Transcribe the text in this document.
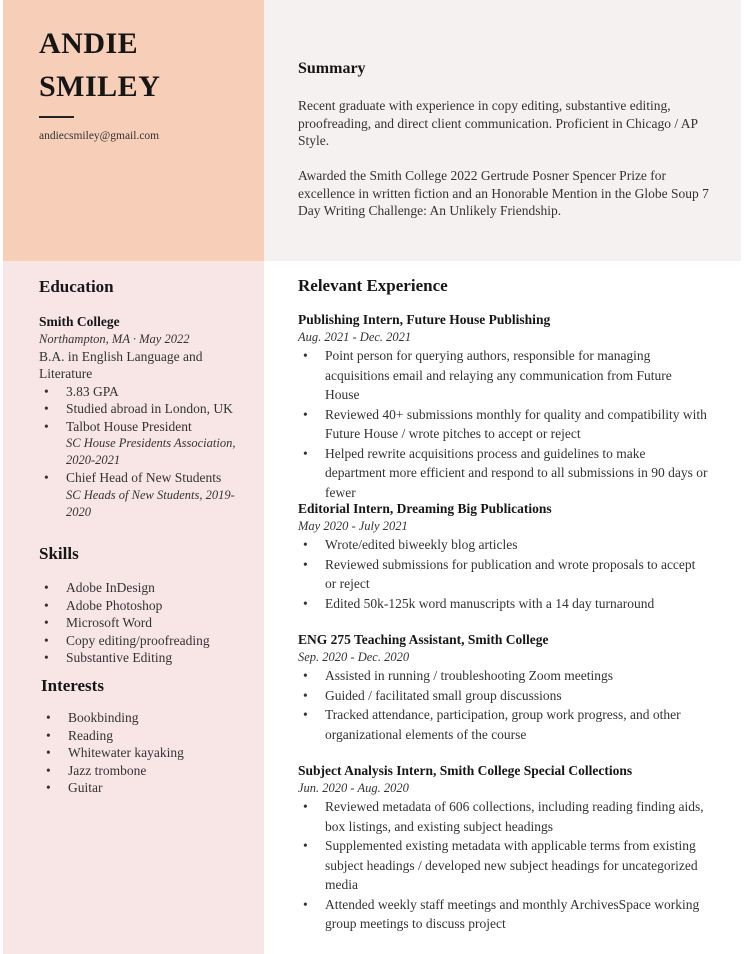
ANDIE
SMILEY
andiecsmiley@gmail.com
Summary
Recent graduate with experience in copy editing, substantive editing, proofreading, and direct client communication. Proficient in Chicago / AP Style.
Awarded the Smith College 2022 Gertrude Posner Spencer Prize for excellence in written fiction and an Honorable Mention in the Globe Soup 7 Day Writing Challenge: An Unlikely Friendship.
Education
Smith College
Northampton, MA · May 2022
B.A. in English Language and Literature
• 3.83 GPA
• Studied abroad in London, UK
• Talbot House President
SC House Presidents Association, 2020-2021
• Chief Head of New Students
SC Heads of New Students, 2019-2020
Skills
• Adobe InDesign
• Adobe Photoshop
• Microsoft Word
• Copy editing/proofreading
• Substantive Editing
Interests
• Bookbinding
• Reading
• Whitewater kayaking
• Jazz trombone
• Guitar
Relevant Experience
Publishing Intern, Future House Publishing
Aug. 2021 - Dec. 2021
• Point person for querying authors, responsible for managing acquisitions email and relaying any communication from Future House
• Reviewed 40+ submissions monthly for quality and compatibility with Future House / wrote pitches to accept or reject
• Helped rewrite acquisitions process and guidelines to make department more efficient and respond to all submissions in 90 days or fewer
Editorial Intern, Dreaming Big Publications
May 2020 - July 2021
• Wrote/edited biweekly blog articles
• Reviewed submissions for publication and wrote proposals to accept or reject
• Edited 50k-125k word manuscripts with a 14 day turnaround
ENG 275 Teaching Assistant, Smith College
Sep. 2020 - Dec. 2020
• Assisted in running / troubleshooting Zoom meetings
• Guided / facilitated small group discussions
• Tracked attendance, participation, group work progress, and other organizational elements of the course
Subject Analysis Intern, Smith College Special Collections
Jun. 2020 - Aug. 2020
• Reviewed metadata of 606 collections, including reading finding aids, box listings, and existing subject headings
• Supplemented existing metadata with applicable terms from existing subject headings / developed new subject headings for uncategorized media
• Attended weekly staff meetings and monthly ArchivesSpace working group meetings to discuss project
